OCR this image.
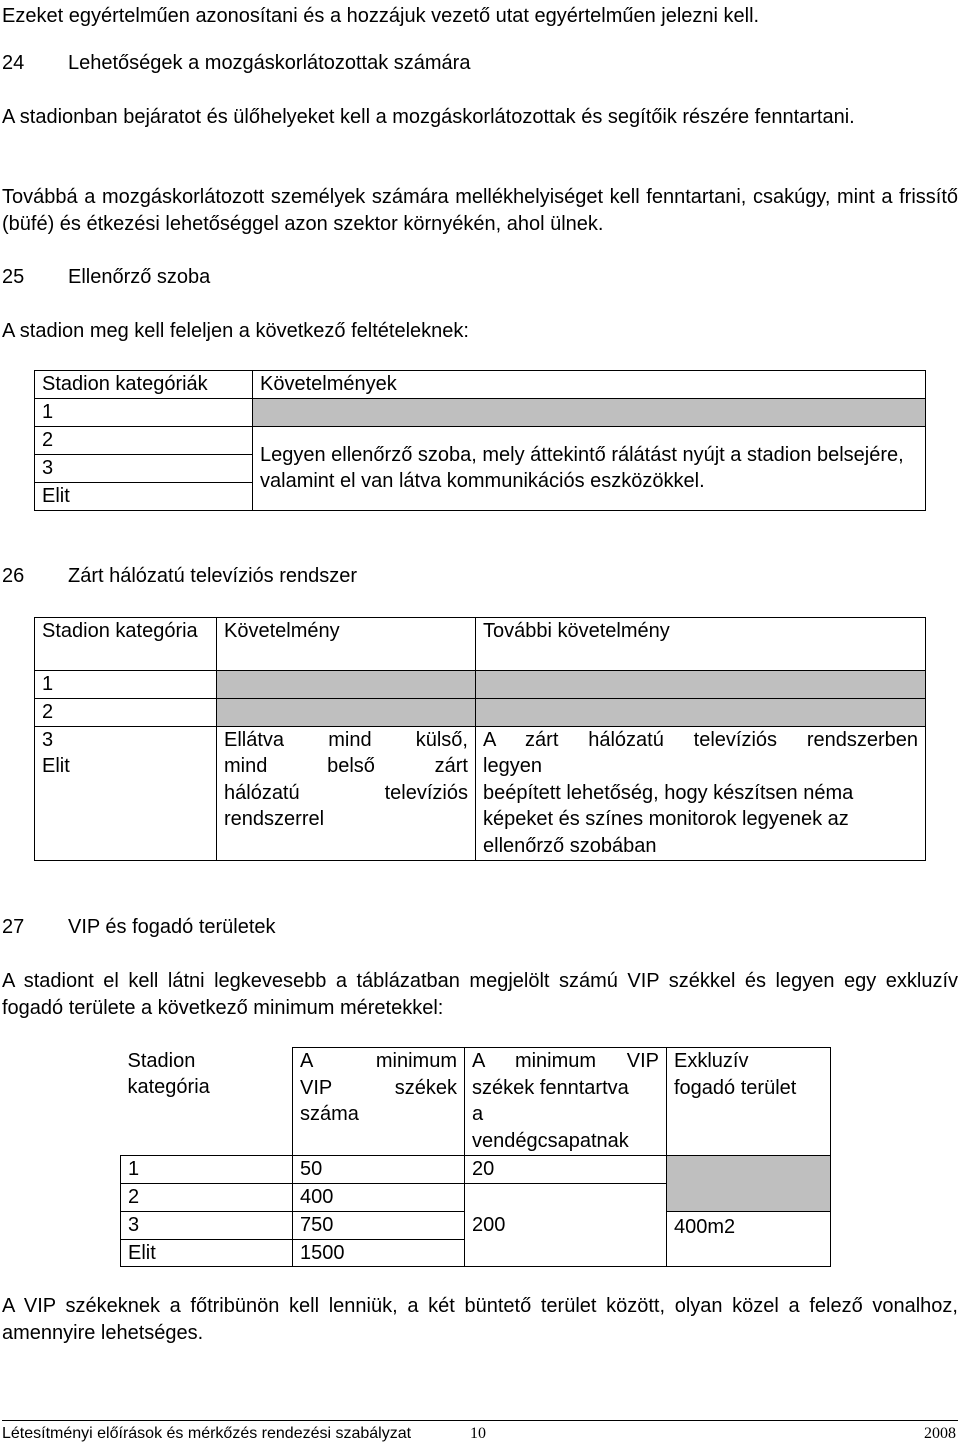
Ezeket egyértelműen azonosítani és a hozzájuk vezető utat egyértelműen jelezni kell.

24 Lehetőségek a mozgáskorlátozottak számára

A stadionban bejáratot és ülőhelyeket kell a mozgáskorlátozottak és segítőik részére fenntartani.

Továbbá a mozgáskorlátozott személyek számára mellékhelyiséget kell fenntartani, csakúgy, mint a frissítő (büfé) és étkezési lehetőséggel azon szektor környékén, ahol ülnek.

25 Ellenőrző szoba

A stadion meg kell feleljen a következő feltételeknek:

Stadion kategóriák	Követelmények
1	
2	Legyen ellenőrző szoba, mely áttekintő rálátást nyújt a stadion belsejére, valamint el van látva kommunikációs eszközökkel.
3	
Elit	
26 Zárt hálózatú televíziós rendszer
Stadion kategória	Követelmény	További követelmény
1		
2		

3
Elit	Ellátva mind külső,
mind belső zárt
hálózatú televíziós
rendszerrel	A zárt hálózatú televíziós rendszerben
legyen
beépített lehetőség, hogy készítsen néma
képeket és színes monitorok legyenek az
ellenőrző szobában
27 VIP és fogadó területek

A stadiont el kell látni legkevesebb a táblázatban megjelölt számú VIP székkel és legyen egy exkluzív fogadó területe a következő minimum méretekkel:

Stadion
kategória	A minimum
VIP székek
száma	A minimum VIP
székek fenntartva
a
vendégcsapatnak	Exkluzív
fogadó terület

1	50	20	
2	400	200	
3	750		400m2
Elit	1500		

A VIP székeknek a főtribünön kell lenniük, a két büntető terület között, olyan közel a felező vonalhoz, amennyire lehetséges.

Létesítményi előírások és mérkőzés rendezési szabályzat	10	2008
